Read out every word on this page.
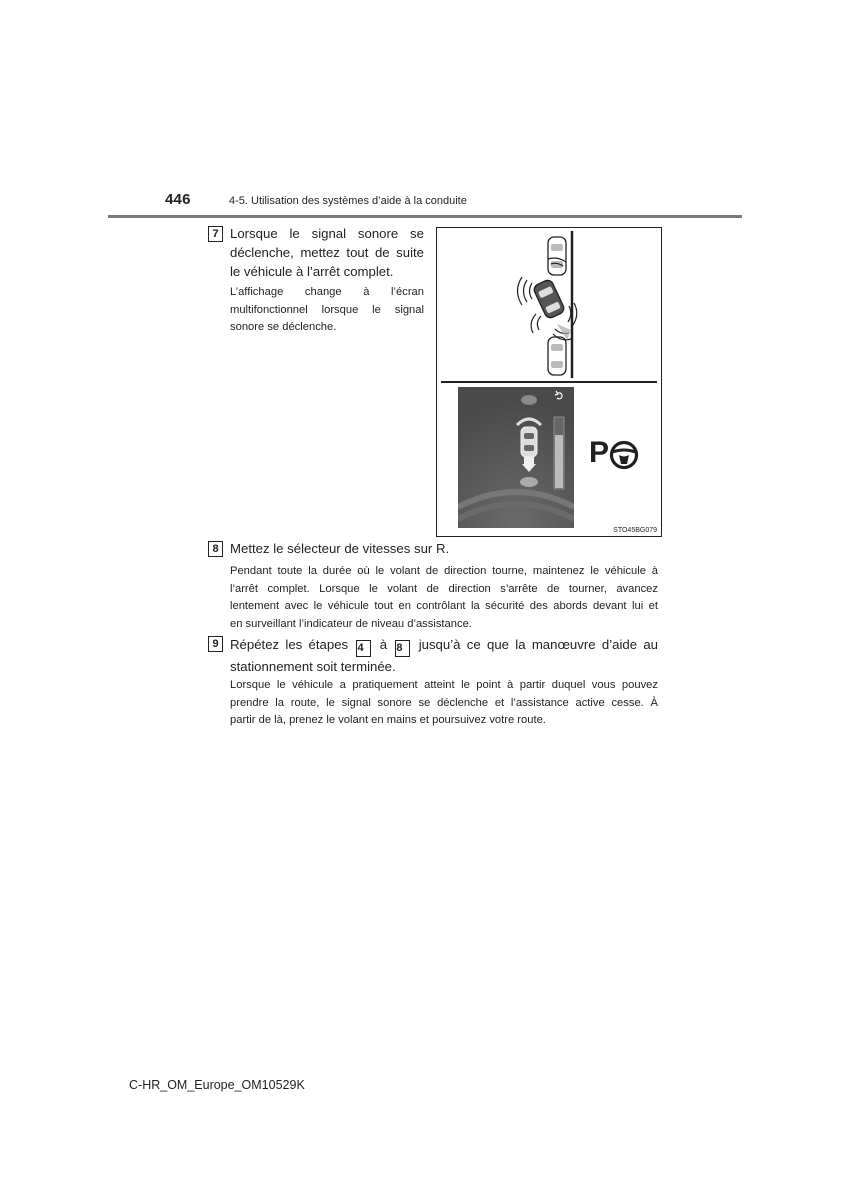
446	4-5. Utilisation des systèmes d’aide à la conduite
7 Lorsque le signal sonore se
déclenche, mettez tout de suite
le véhicule à l’arrêt complet.
L’affichage change à l’écran
multifonctionnel lorsque le signal
sonore se déclenche.
P
STO45BG079
8 Mettez le sélecteur de vitesses sur R.
Pendant toute la durée où le volant de direction tourne, maintenez le véhicule à
l’arrêt complet. Lorsque le volant de direction s’arrête de tourner, avancez
lentement avec le véhicule tout en contrôlant la sécurité des abords devant lui et
en surveillant l’indicateur de niveau d’assistance.
9 Répétez les étapes 4 à 8 jusqu’à ce que la manœuvre d’aide au
stationnement soit terminée.
Lorsque le véhicule a pratiquement atteint le point à partir duquel vous pouvez
prendre la route, le signal sonore se déclenche et l’assistance active cesse. À
partir de là, prenez le volant en mains et poursuivez votre route.
C-HR_OM_Europe_OM10529K
